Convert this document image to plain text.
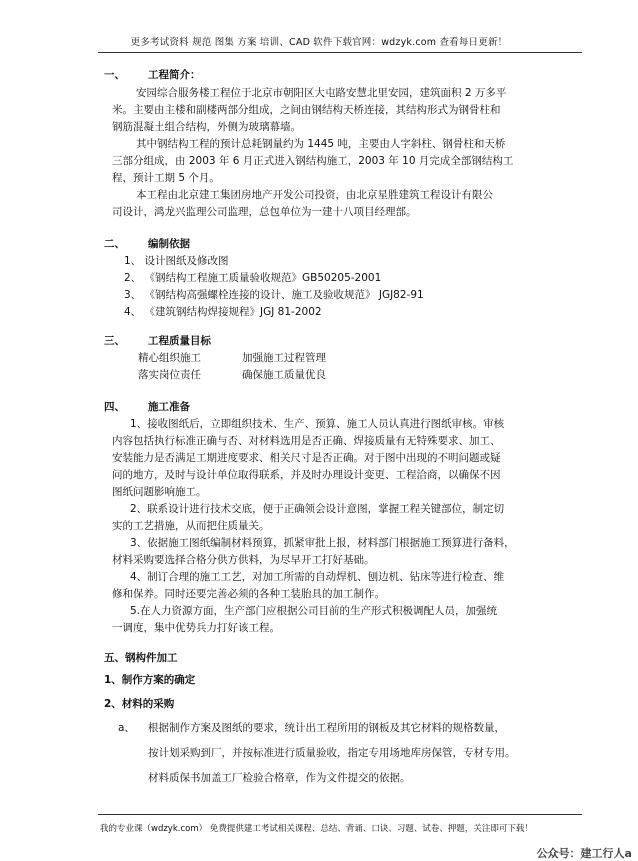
更多考试资料 规范 图集 方案 培训、CAD 软件下载官网：wdzyk.com 查看每日更新！
一、 工程简介：
安园综合服务楼工程位于北京市朝阳区大屯路安慧北里安园，建筑面积 2 万多平
米。主要由主楼和副楼两部分组成，之间由钢结构天桥连接，其结构形式为钢骨柱和
钢筋混凝土组合结构，外侧为玻璃幕墙。
其中钢结构工程的预计总耗钢量约为 1445 吨，主要由人字斜柱、钢骨柱和天桥
三部分组成，由 2003 年 6 月正式进入钢结构施工，2003 年 10 月完成全部钢结构工
程，预计工期 5 个月。
本工程由北京建工集团房地产开发公司投资，由北京星胜建筑工程设计有限公
司设计，鸿龙兴监理公司监理，总包单位为一建十八项目经理部。
二、 编制依据
1、 设计图纸及修改图
2、 《钢结构工程施工质量验收规范》GB50205-2001
3、 《钢结构高强螺栓连接的设计、施工及验收规范》 JGJ82-91
4、 《建筑钢结构焊接规程》JGJ 81-2002
三、 工程质量目标
精心组织施工	加强施工过程管理
落实岗位责任	确保施工质量优良
四、 施工准备
1、接收图纸后，立即组织技术、生产、预算、施工人员认真进行图纸审核。审核
内容包括执行标准正确与否、对材料选用是否正确、焊接质量有无特殊要求、加工、
安装能力是否满足工期进度要求、相关尺寸是否正确。对于图中出现的不明问题或疑
问的地方，及时与设计单位取得联系，并及时办理设计变更、工程洽商，以确保不因
图纸问题影响施工。
2、联系设计进行技术交底，便于正确领会设计意图，掌握工程关键部位，制定切
实的工艺措施，从而把住质量关。
3、依据施工图纸编制材料预算，抓紧审批上报，材料部门根据施工预算进行备料，
材料采购要选择合格分供方供料，为尽早开工打好基础。
4、制订合理的施工工艺，对加工所需的自动焊机、刨边机、钻床等进行检查、维
修和保养。同时还要完善必须的各种工装胎具的加工制作。
5.在人力资源方面，生产部门应根据公司目前的生产形式积极调配人员，加强统
一调度，集中优势兵力打好该工程。
五、钢构件加工
1、制作方案的确定
2、材料的采购
a、 根据制作方案及图纸的要求，统计出工程所用的钢板及其它材料的规格数量，
按计划采购到厂，并按标准进行质量验收，指定专用场地库房保管，专材专用。
材料质保书加盖工厂检验合格章，作为文件提交的依据。
我的专业课（wdzyk.com） 免费提供建工考试相关课程、总结、背诵、口诀、习题、试卷、押题，关注即可下载！
公众号：建工行人a
